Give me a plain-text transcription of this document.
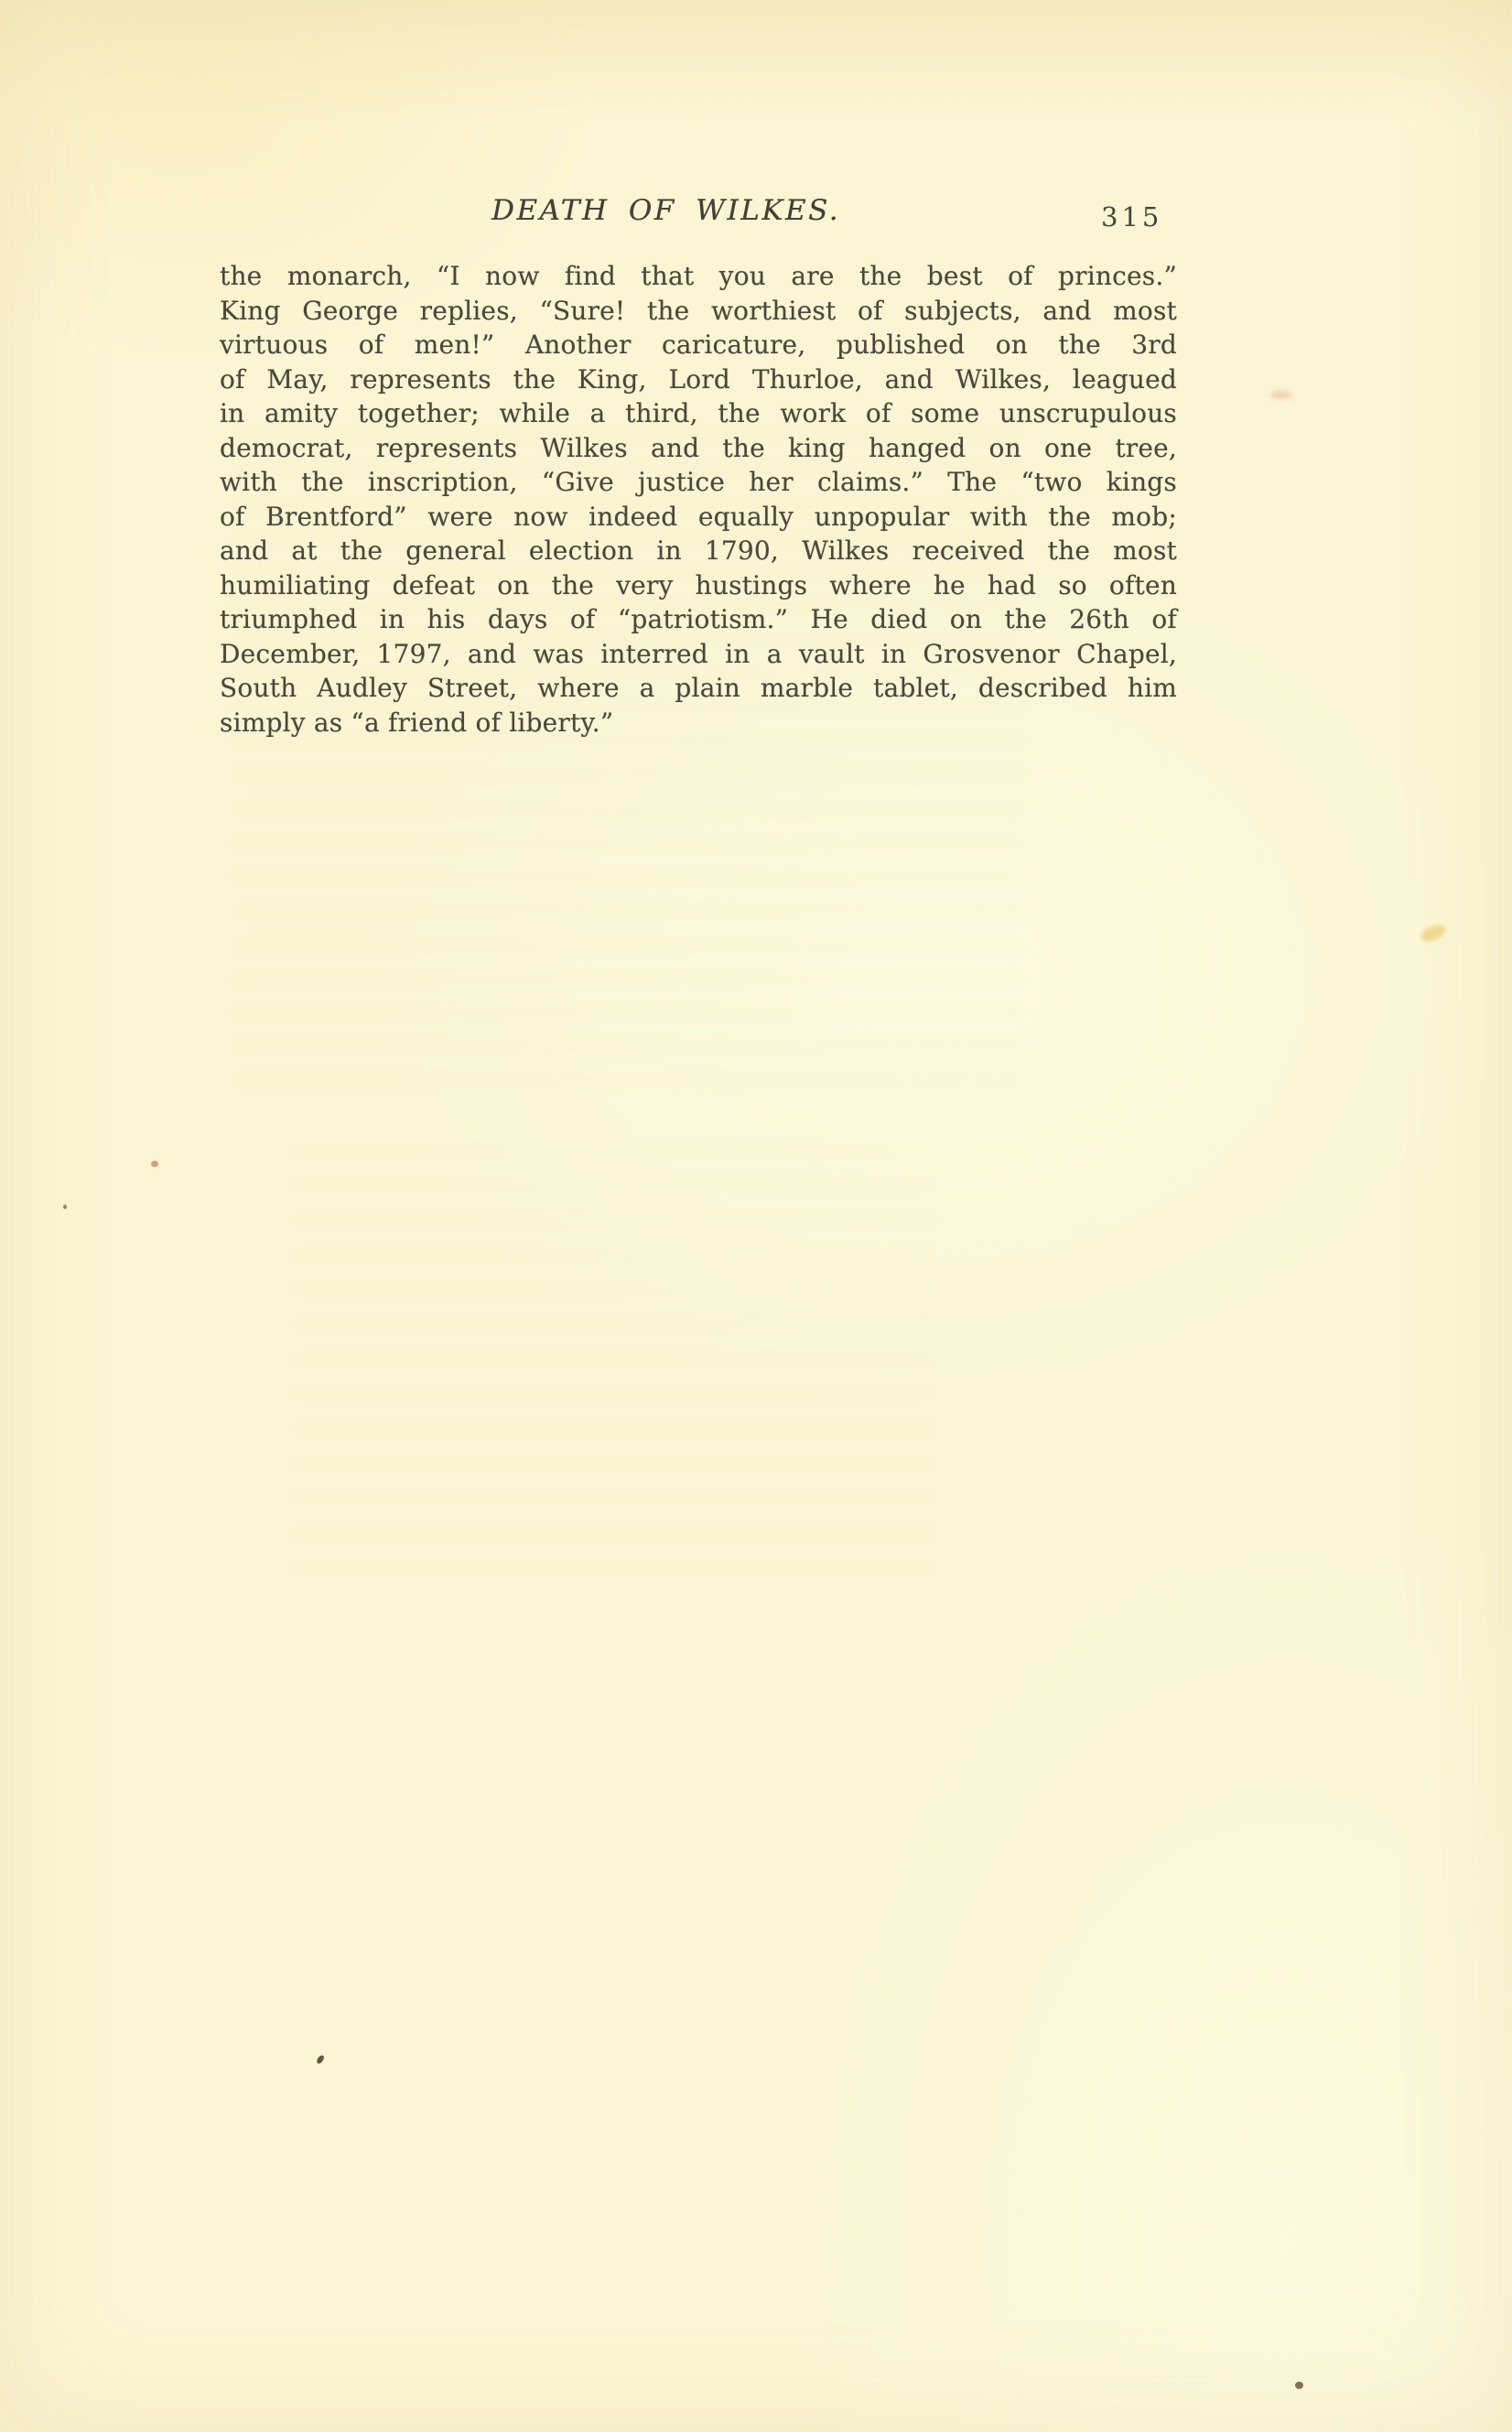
DEATH OF WILKES.	315
the monarch, “I now find that you are the best of princes.”
King George replies, “Sure! the worthiest of subjects, and most
virtuous of men!” Another caricature, published on the 3rd
of May, represents the King, Lord Thurloe, and Wilkes, leagued
in amity together; while a third, the work of some unscrupulous
democrat, represents Wilkes and the king hanged on one tree,
with the inscription, “Give justice her claims.” The “two kings
of Brentford” were now indeed equally unpopular with the mob;
and at the general election in 1790, Wilkes received the most
humiliating defeat on the very hustings where he had so often
triumphed in his days of “patriotism.” He died on the 26th of
December, 1797, and was interred in a vault in Grosvenor Chapel,
South Audley Street, where a plain marble tablet, described him
simply as “a friend of liberty.”
